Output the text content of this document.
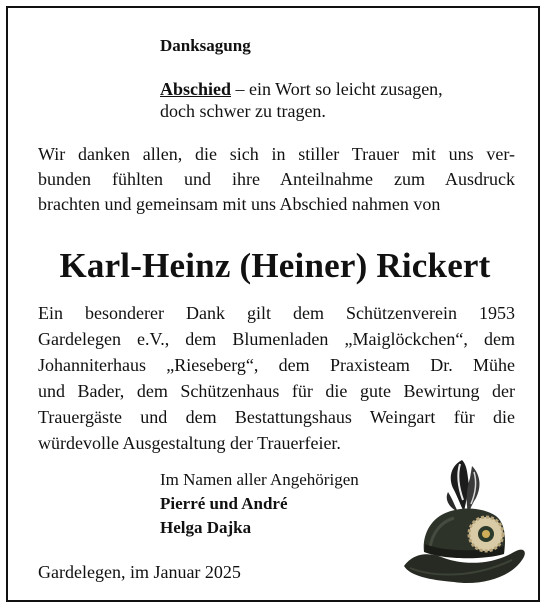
Danksagung
Abschied – ein Wort so leicht zusagen,
doch schwer zu tragen.
Wir danken allen, die sich in stiller Trauer mit uns ver-
bunden fühlten und ihre Anteilnahme zum Ausdruck
brachten und gemeinsam mit uns Abschied nahmen von
Karl-Heinz (Heiner) Rickert
Ein besonderer Dank gilt dem Schützenverein 1953
Gardelegen e.V., dem Blumenladen „Maiglöckchen“, dem
Johanniterhaus „Rieseberg“, dem Praxisteam Dr. Mühe
und Bader, dem Schützenhaus für die gute Bewirtung der
Trauergäste und dem Bestattungshaus Weingart für die
würdevolle Ausgestaltung der Trauerfeier.
Im Namen aller Angehörigen
Pierré und André
Helga Dajka
Gardelegen, im Januar 2025
